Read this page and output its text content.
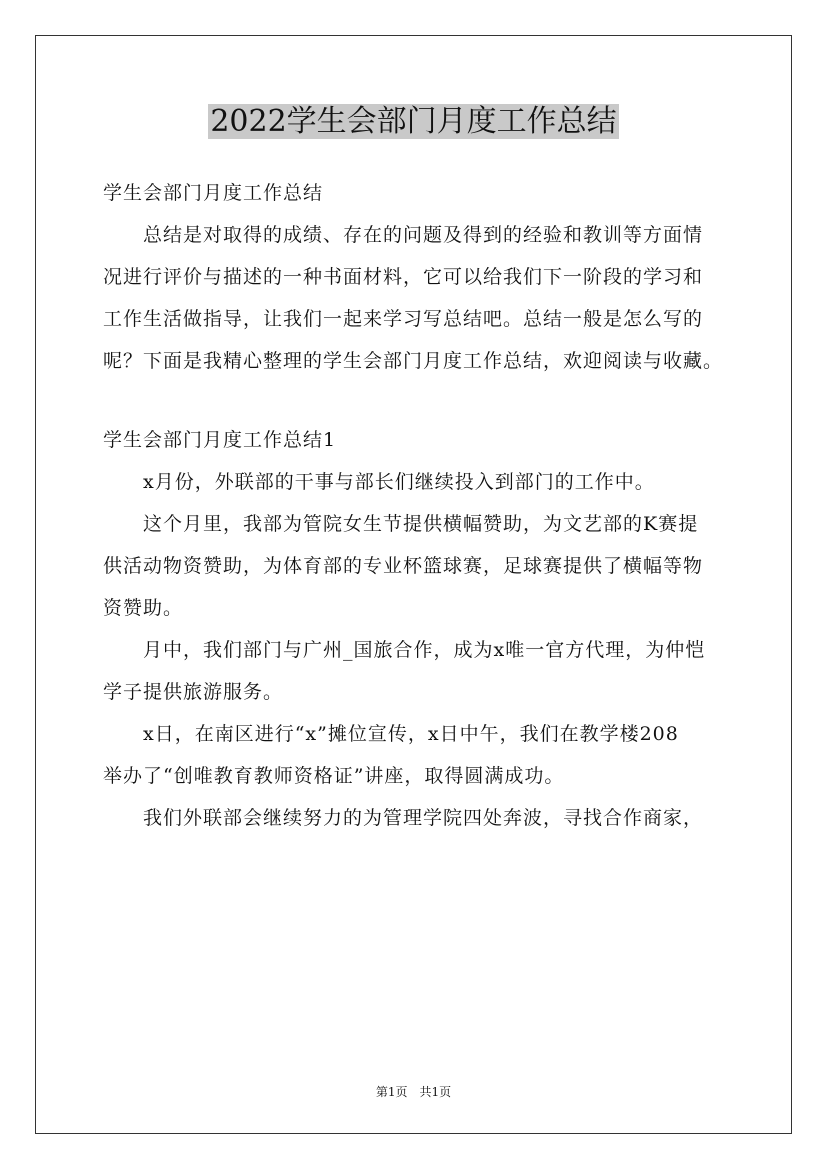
2022学生会部门月度工作总结
学生会部门月度工作总结
总结是对取得的成绩、存在的问题及得到的经验和教训等方面情
况进行评价与描述的一种书面材料，它可以给我们下一阶段的学习和
工作生活做指导，让我们一起来学习写总结吧。总结一般是怎么写的
呢？下面是我精心整理的学生会部门月度工作总结，欢迎阅读与收藏。
学生会部门月度工作总结1
x月份，外联部的干事与部长们继续投入到部门的工作中。
这个月里，我部为管院女生节提供横幅赞助，为文艺部的K赛提
供活动物资赞助，为体育部的专业杯篮球赛，足球赛提供了横幅等物
资赞助。
月中，我们部门与广州_国旅合作，成为x唯一官方代理，为仲恺
学子提供旅游服务。
x日，在南区进行“x”摊位宣传，x日中午，我们在教学楼208
举办了“创唯教育教师资格证”讲座，取得圆满成功。
我们外联部会继续努力的为管理学院四处奔波，寻找合作商家，
第1页　共1页
